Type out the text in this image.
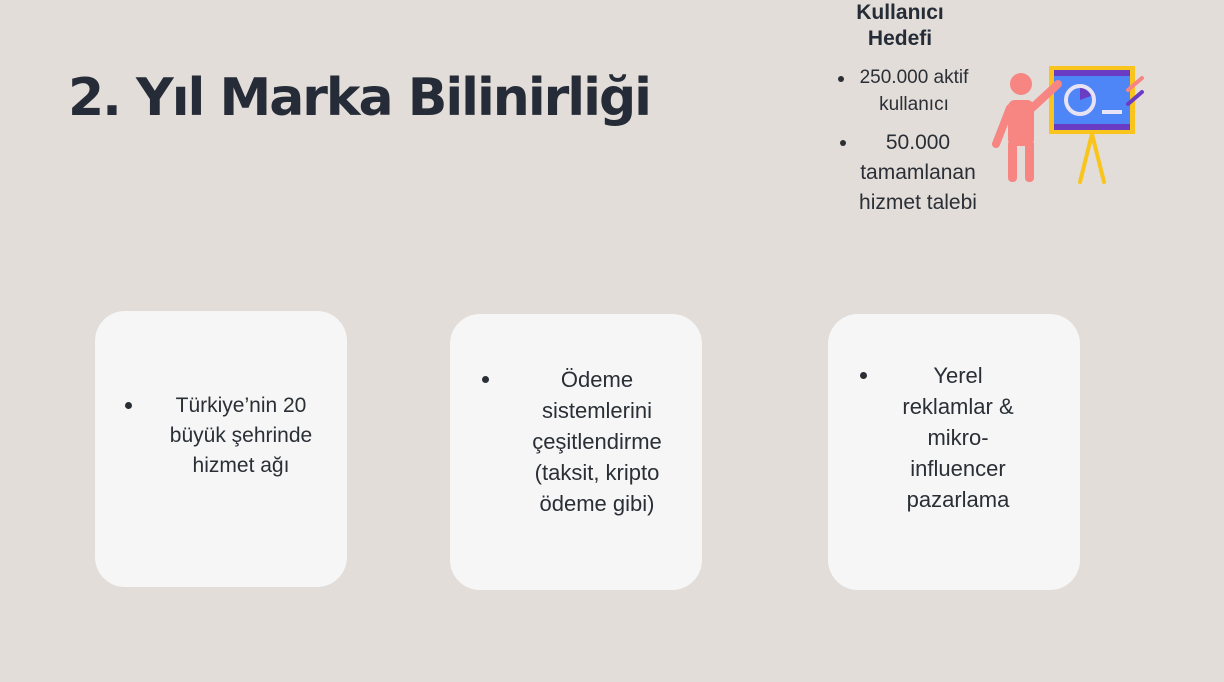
2. Yıl Marka Bilinirliği
Kullanıcı Hedefi
250.000 aktif kullanıcı
50.000 tamamlanan hizmet talebi
Türkiye’nin 20 büyük şehrinde hizmet ağı
Ödeme sistemlerini çeşitlendirme (taksit, kripto ödeme gibi)
Yerel reklamlar & mikro-influencer pazarlama
